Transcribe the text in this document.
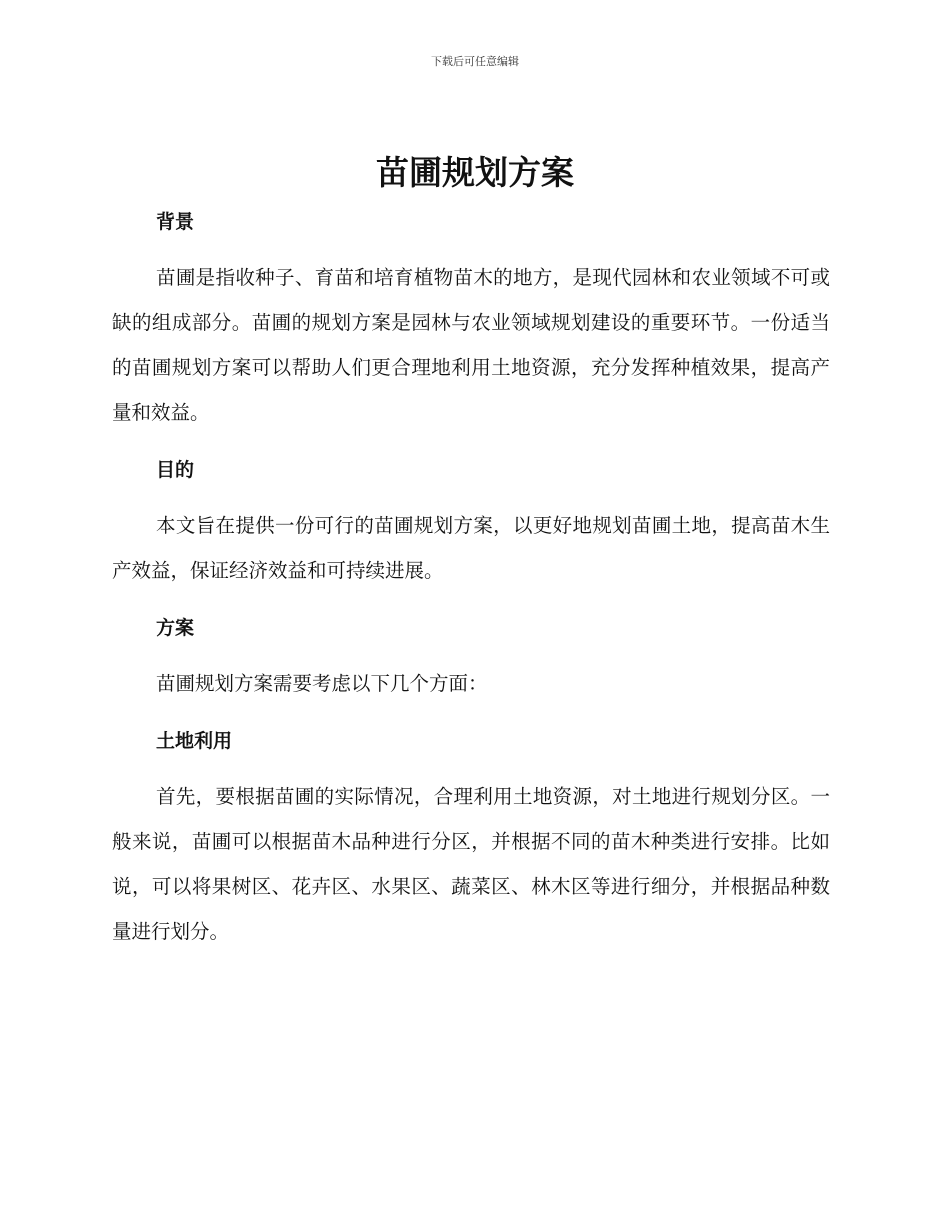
下载后可任意编辑
苗圃规划方案
背景

苗圃是指收种子、育苗和培育植物苗木的地方，是现代园林和农业领域不可或缺的组成部分。苗圃的规划方案是园林与农业领域规划建设的重要环节。一份适当的苗圃规划方案可以帮助人们更合理地利用土地资源，充分发挥种植效果，提高产量和效益。

目的

本文旨在提供一份可行的苗圃规划方案，以更好地规划苗圃土地，提高苗木生产效益，保证经济效益和可持续进展。

方案

苗圃规划方案需要考虑以下几个方面：

土地利用

首先，要根据苗圃的实际情况，合理利用土地资源，对土地进行规划分区。一般来说，苗圃可以根据苗木品种进行分区，并根据不同的苗木种类进行安排。比如说，可以将果树区、花卉区、水果区、蔬菜区、林木区等进行细分，并根据品种数量进行划分。
